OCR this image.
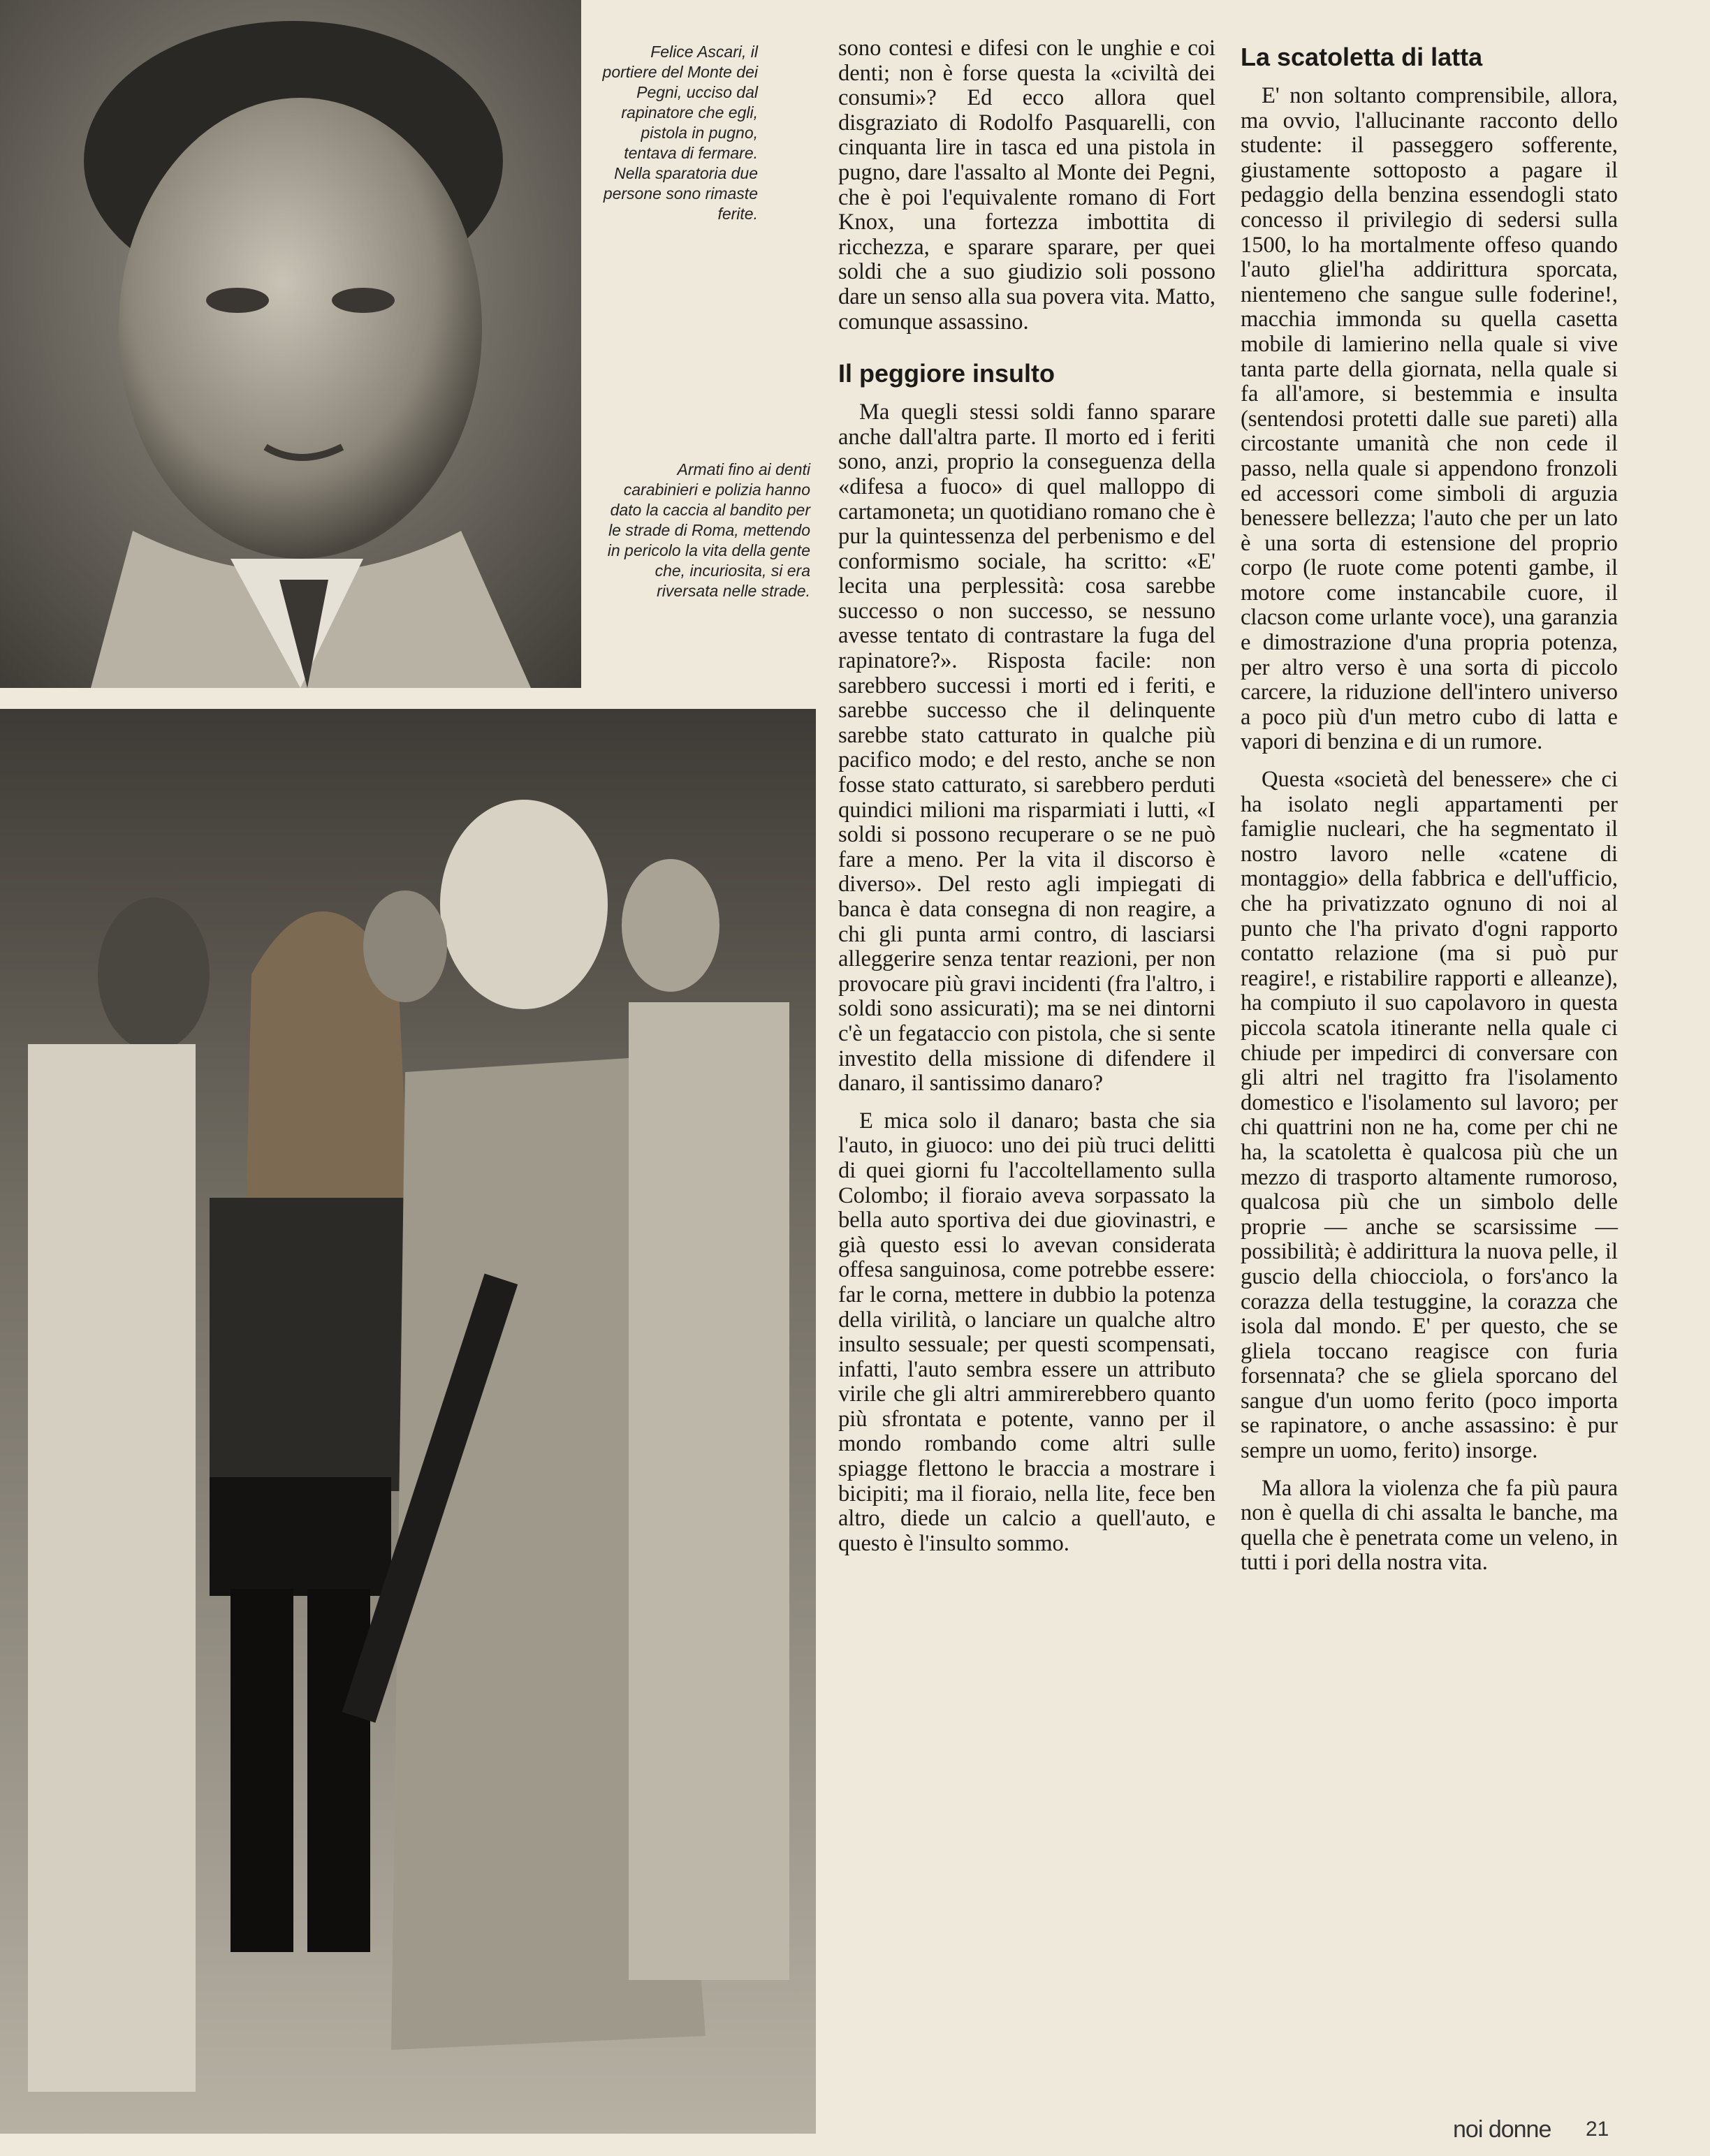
Felice Ascari, il portiere del Monte dei Pegni, ucciso dal rapinatore che egli, pistola in pugno, tentava di fermare. Nella sparatoria due persone sono rimaste ferite.
Armati fino ai denti carabinieri e polizia hanno dato la caccia al bandito per le strade di Roma, mettendo in pericolo la vita della gente che, incuriosita, si era riversata nelle strade.

sono contesi e difesi con le unghie e coi denti; non è forse questa la «civiltà dei consumi»? Ed ecco allora quel disgraziato di Rodolfo Pasquarelli, con cinquanta lire in tasca ed una pistola in pugno, dare l'assalto al Monte dei Pegni, che è poi l'equivalente romano di Fort Knox, una fortezza imbottita di ricchezza, e sparare sparare, per quei soldi che a suo giudizio soli possono dare un senso alla sua povera vita. Matto, comunque assassino.

Il peggiore insulto

Ma quegli stessi soldi fanno sparare anche dall'altra parte. Il morto ed i feriti sono, anzi, proprio la conseguenza della «difesa a fuoco» di quel malloppo di cartamoneta; un quotidiano romano che è pur la quintessenza del perbenismo e del conformismo sociale, ha scritto: «E' lecita una perplessità: cosa sarebbe successo o non successo, se nessuno avesse tentato di contrastare la fuga del rapinatore?». Risposta facile: non sarebbero successi i morti ed i feriti, e sarebbe successo che il delinquente sarebbe stato catturato in qualche più pacifico modo; e del resto, anche se non fosse stato catturato, si sarebbero perduti quindici milioni ma risparmiati i lutti, «I soldi si possono recuperare o se ne può fare a meno. Per la vita il discorso è diverso». Del resto agli impiegati di banca è data consegna di non reagire, a chi gli punta armi contro, di lasciarsi alleggerire senza tentar reazioni, per non provocare più gravi incidenti (fra l'altro, i soldi sono assicurati); ma se nei dintorni c'è un fegataccio con pistola, che si sente investito della missione di difendere il danaro, il santissimo danaro?

E mica solo il danaro; basta che sia l'auto, in giuoco: uno dei più truci delitti di quei giorni fu l'accoltellamento sulla Colombo; il fioraio aveva sorpassato la bella auto sportiva dei due giovinastri, e già questo essi lo avevan considerata offesa sanguinosa, come potrebbe essere: far le corna, mettere in dubbio la potenza della virilità, o lanciare un qualche altro insulto sessuale; per questi scompensati, infatti, l'auto sembra essere un attributo virile che gli altri ammirerebbero quanto più sfrontata e potente, vanno per il mondo rombando come altri sulle spiagge flettono le braccia a mostrare i bicipiti; ma il fioraio, nella lite, fece ben altro, diede un calcio a quell'auto, e questo è l'insulto sommo.

La scatoletta di latta

E' non soltanto comprensibile, allora, ma ovvio, l'allucinante racconto dello studente: il passeggero sofferente, giustamente sottoposto a pagare il pedaggio della benzina essendogli stato concesso il privilegio di sedersi sulla 1500, lo ha mortalmente offeso quando l'auto gliel'ha addirittura sporcata, nientemeno che sangue sulle foderine!, macchia immonda su quella casetta mobile di lamierino nella quale si vive tanta parte della giornata, nella quale si fa all'amore, si bestemmia e insulta (sentendosi protetti dalle sue pareti) alla circostante umanità che non cede il passo, nella quale si appendono fronzoli ed accessori come simboli di arguzia benessere bellezza; l'auto che per un lato è una sorta di estensione del proprio corpo (le ruote come potenti gambe, il motore come instancabile cuore, il clacson come urlante voce), una garanzia e dimostrazione d'una propria potenza, per altro verso è una sorta di piccolo carcere, la riduzione dell'intero universo a poco più d'un metro cubo di latta e vapori di benzina e di un rumore.

Questa «società del benessere» che ci ha isolato negli appartamenti per famiglie nucleari, che ha segmentato il nostro lavoro nelle «catene di montaggio» della fabbrica e dell'ufficio, che ha privatizzato ognuno di noi al punto che l'ha privato d'ogni rapporto contatto relazione (ma si può pur reagire!, e ristabilire rapporti e alleanze), ha compiuto il suo capolavoro in questa piccola scatola itinerante nella quale ci chiude per impedirci di conversare con gli altri nel tragitto fra l'isolamento domestico e l'isolamento sul lavoro; per chi quattrini non ne ha, come per chi ne ha, la scatoletta è qualcosa più che un mezzo di trasporto altamente rumoroso, qualcosa più che un simbolo delle proprie — anche se scarsissime — possibilità; è addirittura la nuova pelle, il guscio della chiocciola, o fors'anco la corazza della testuggine, la corazza che isola dal mondo. E' per questo, che se gliela toccano reagisce con furia forsennata? che se gliela sporcano del sangue d'un uomo ferito (poco importa se rapinatore, o anche assassino: è pur sempre un uomo, ferito) insorge.

Ma allora la violenza che fa più paura non è quella di chi assalta le banche, ma quella che è penetrata come un veleno, in tutti i pori della nostra vita.

noi donne 21
